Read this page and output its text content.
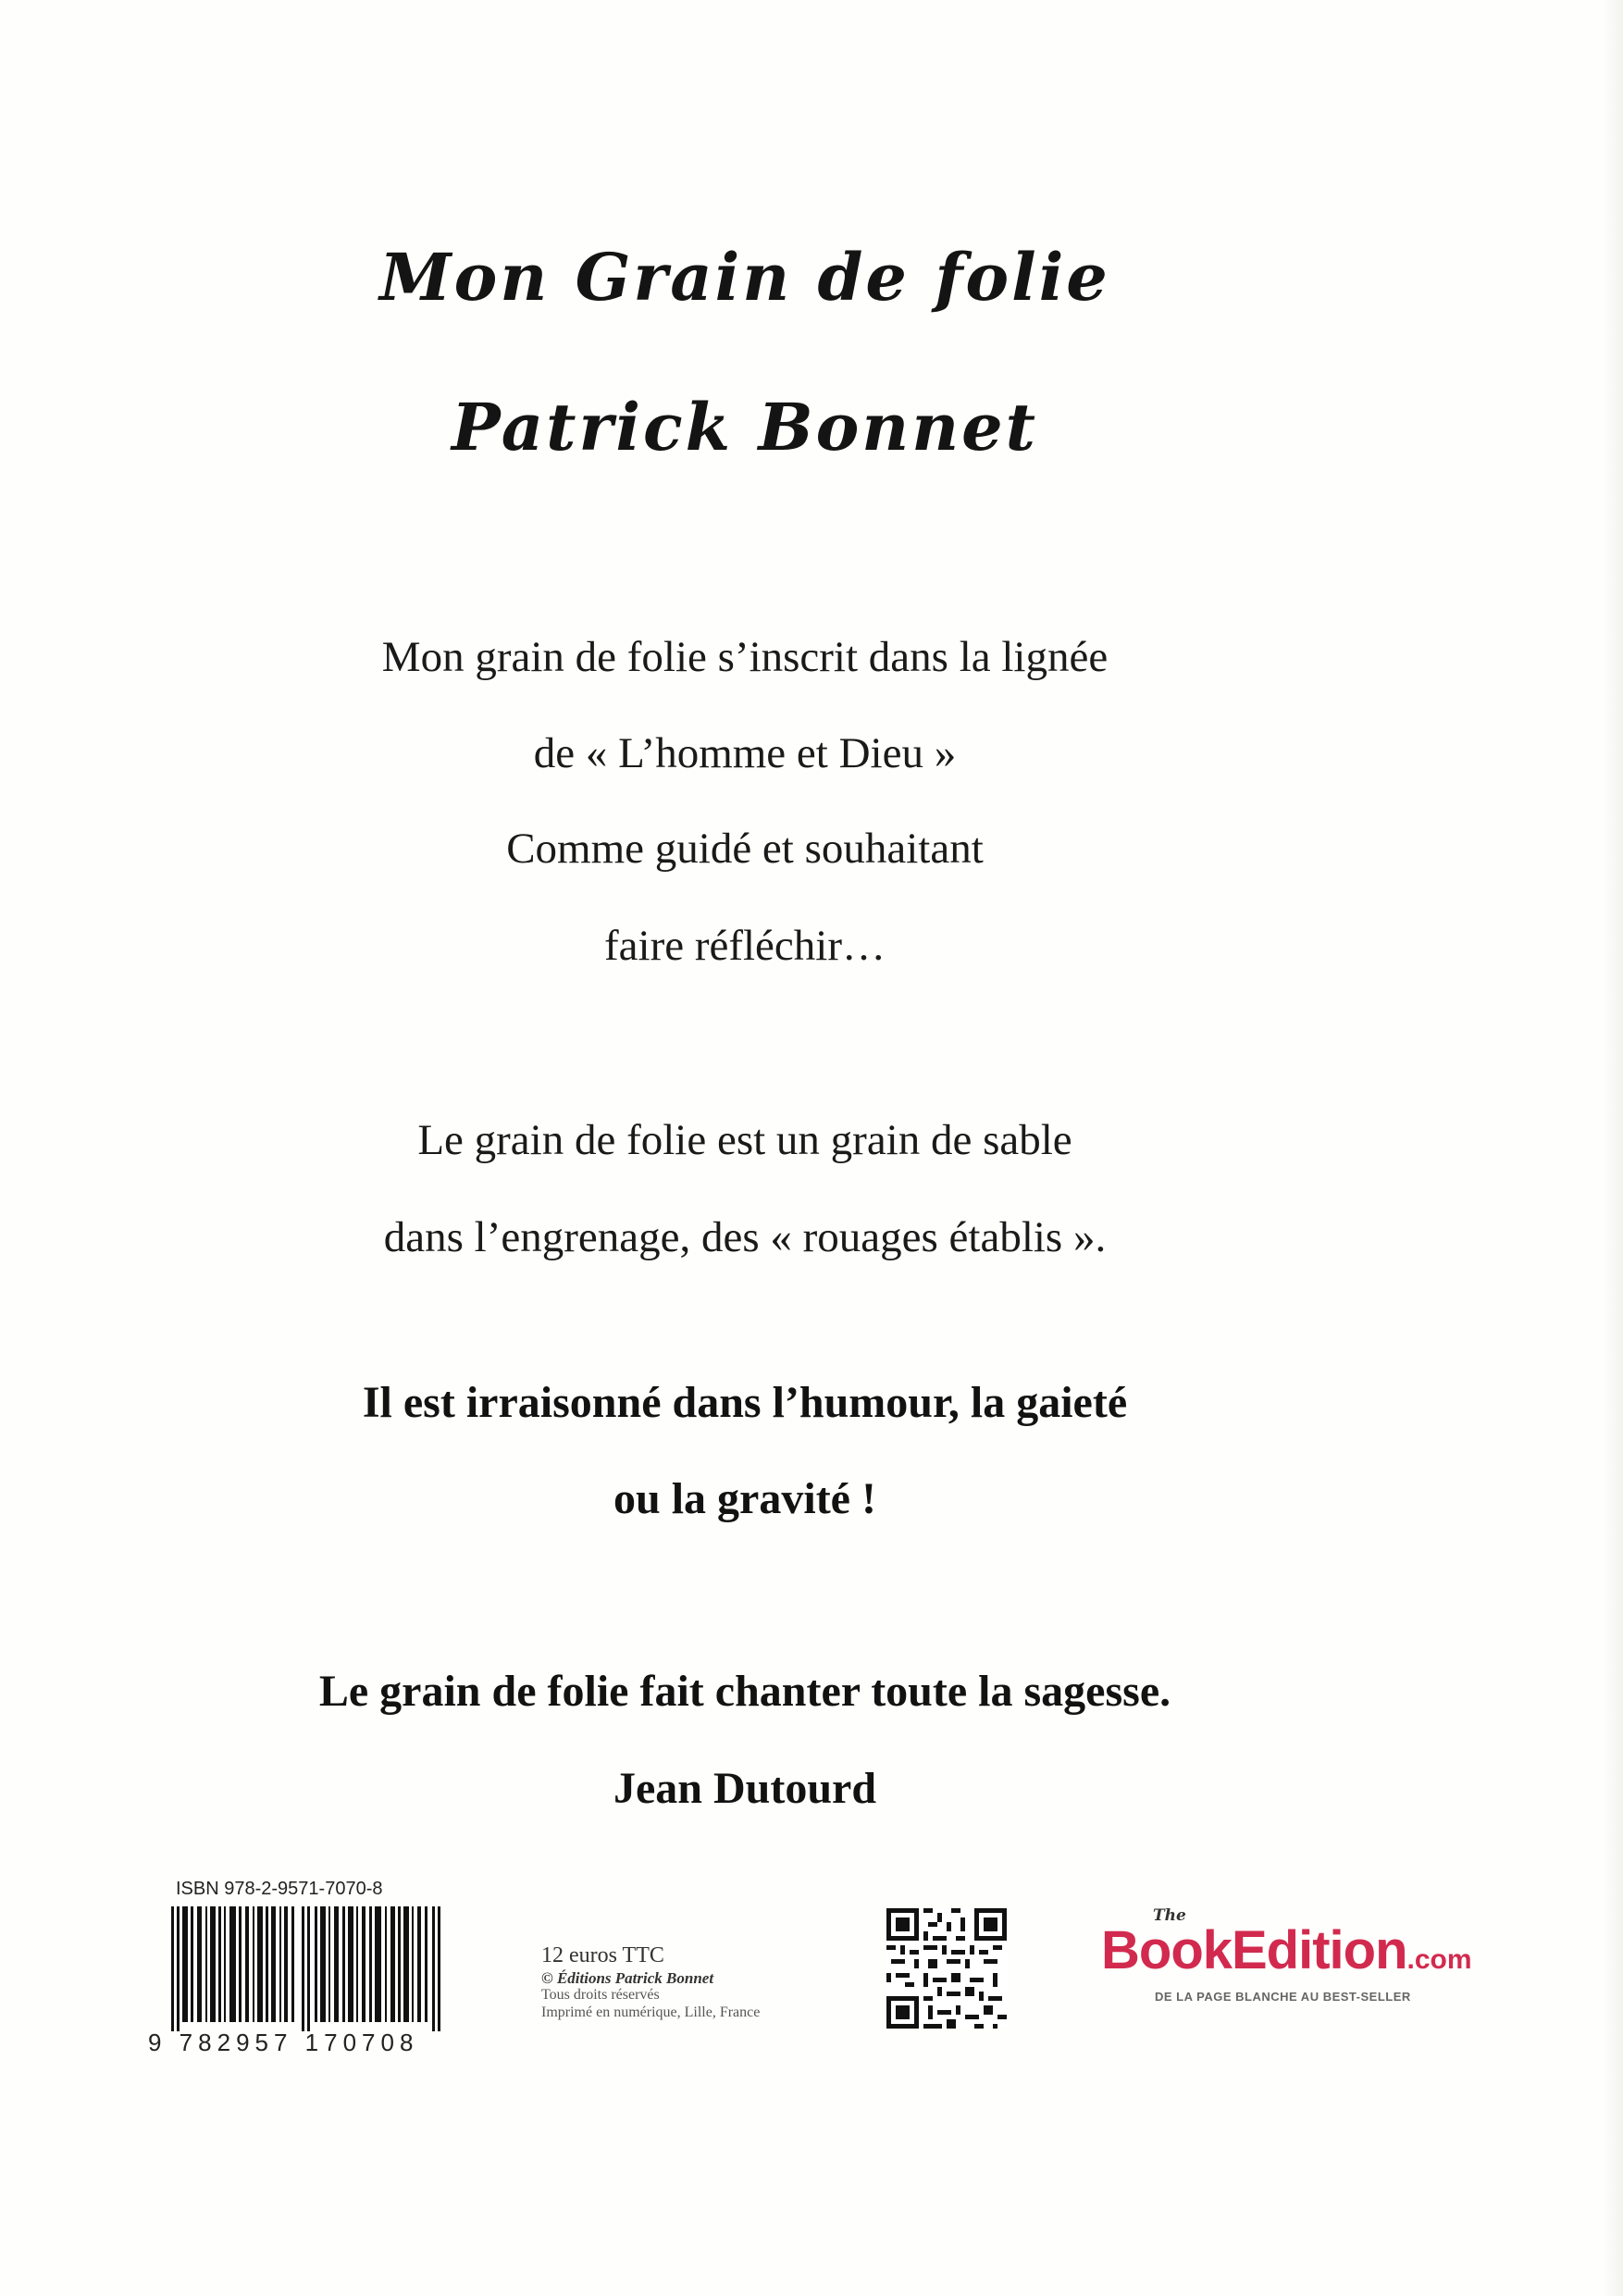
Mon Grain de folie
Patrick Bonnet
Mon grain de folie s’inscrit dans la lignée
de « L’homme et Dieu »
Comme guidé et souhaitant
faire réfléchir…
Le grain de folie est un grain de sable
dans l’engrenage, des « rouages établis ».
Il est irraisonné dans l’humour, la gaieté
ou la gravité !
Le grain de folie fait chanter toute la sagesse.
Jean Dutourd
ISBN 978-2-9571-7070-8
9 782957 170708
12 euros TTC
© Éditions Patrick Bonnet
Tous droits réservés
Imprimé en numérique, Lille, France
The
BookEdition.com
DE LA PAGE BLANCHE AU BEST-SELLER
